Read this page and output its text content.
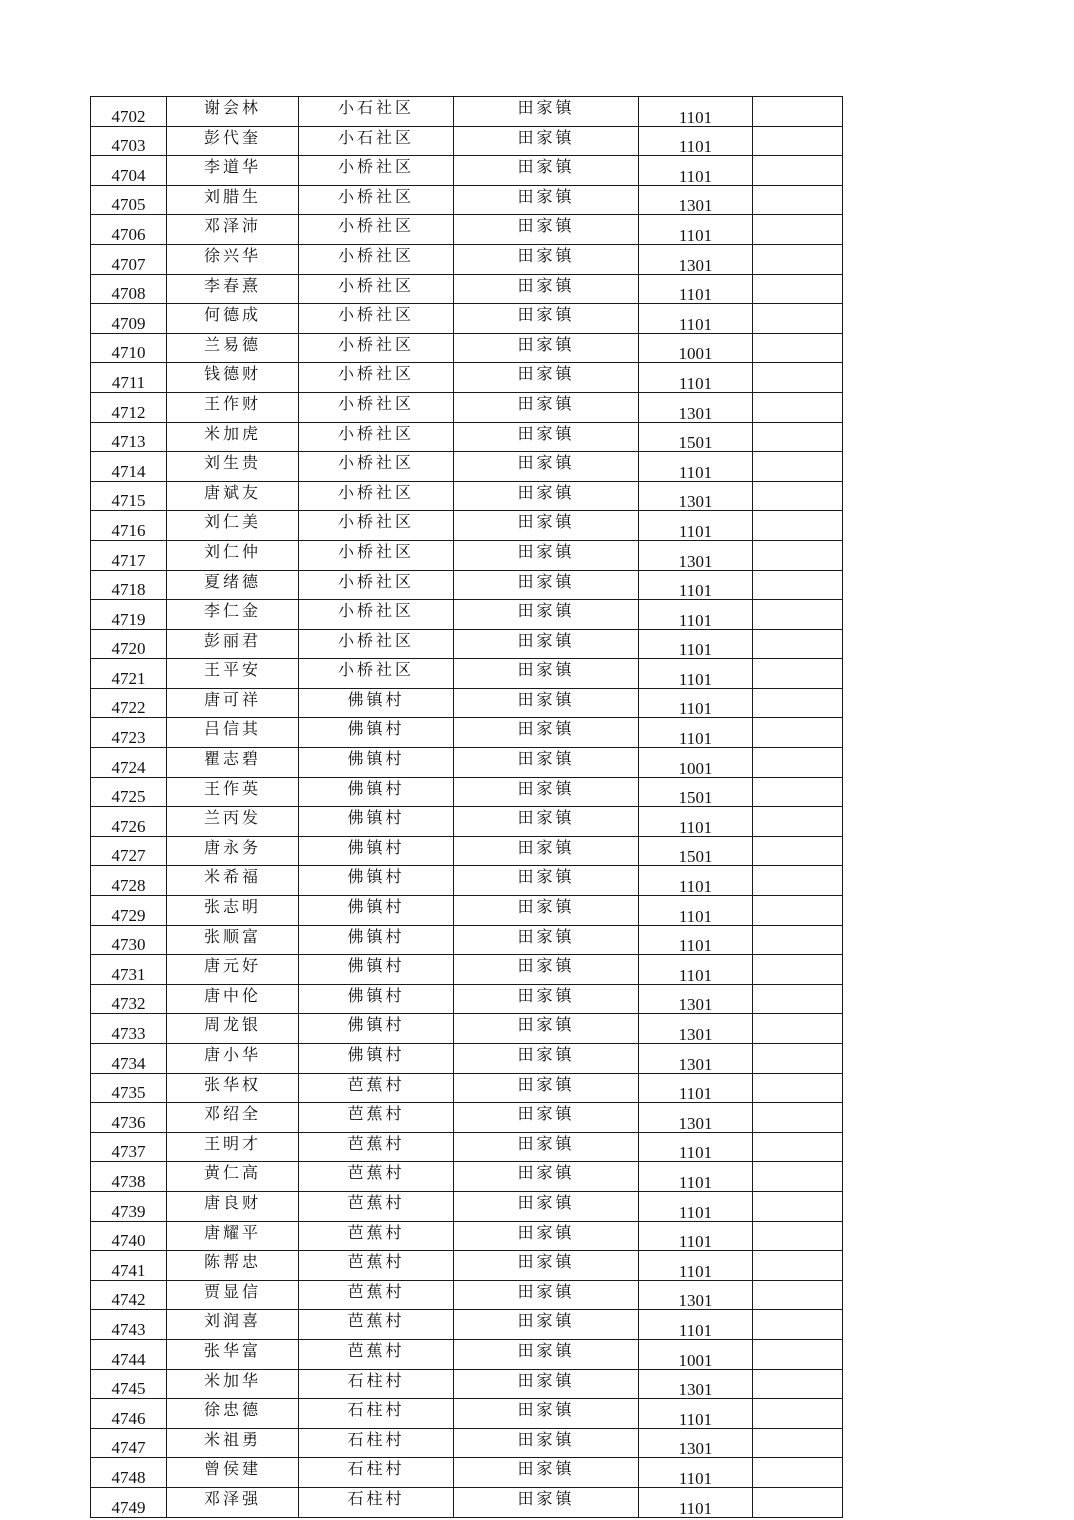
4702	谢会林	小石社区	田家镇	1101	
4703	彭代奎	小石社区	田家镇	1101	
4704	李道华	小桥社区	田家镇	1101	
4705	刘腊生	小桥社区	田家镇	1301	
4706	邓泽沛	小桥社区	田家镇	1101	
4707	徐兴华	小桥社区	田家镇	1301	
4708	李春熹	小桥社区	田家镇	1101	
4709	何德成	小桥社区	田家镇	1101	
4710	兰易德	小桥社区	田家镇	1001	
4711	钱德财	小桥社区	田家镇	1101	
4712	王作财	小桥社区	田家镇	1301	
4713	米加虎	小桥社区	田家镇	1501	
4714	刘生贵	小桥社区	田家镇	1101	
4715	唐斌友	小桥社区	田家镇	1301	
4716	刘仁美	小桥社区	田家镇	1101	
4717	刘仁仲	小桥社区	田家镇	1301	
4718	夏绪德	小桥社区	田家镇	1101	
4719	李仁金	小桥社区	田家镇	1101	
4720	彭丽君	小桥社区	田家镇	1101	
4721	王平安	小桥社区	田家镇	1101	
4722	唐可祥	佛镇村	田家镇	1101	
4723	吕信其	佛镇村	田家镇	1101	
4724	瞿志碧	佛镇村	田家镇	1001	
4725	王作英	佛镇村	田家镇	1501	
4726	兰丙发	佛镇村	田家镇	1101	
4727	唐永务	佛镇村	田家镇	1501	
4728	米希福	佛镇村	田家镇	1101	
4729	张志明	佛镇村	田家镇	1101	
4730	张顺富	佛镇村	田家镇	1101	
4731	唐元好	佛镇村	田家镇	1101	
4732	唐中伦	佛镇村	田家镇	1301	
4733	周龙银	佛镇村	田家镇	1301	
4734	唐小华	佛镇村	田家镇	1301	
4735	张华权	芭蕉村	田家镇	1101	
4736	邓绍全	芭蕉村	田家镇	1301	
4737	王明才	芭蕉村	田家镇	1101	
4738	黄仁高	芭蕉村	田家镇	1101	
4739	唐良财	芭蕉村	田家镇	1101	
4740	唐耀平	芭蕉村	田家镇	1101	
4741	陈帮忠	芭蕉村	田家镇	1101	
4742	贾显信	芭蕉村	田家镇	1301	
4743	刘润喜	芭蕉村	田家镇	1101	
4744	张华富	芭蕉村	田家镇	1001	
4745	米加华	石柱村	田家镇	1301	
4746	徐忠德	石柱村	田家镇	1101	
4747	米祖勇	石柱村	田家镇	1301	
4748	曾侯建	石柱村	田家镇	1101	
4749	邓泽强	石柱村	田家镇	1101	
